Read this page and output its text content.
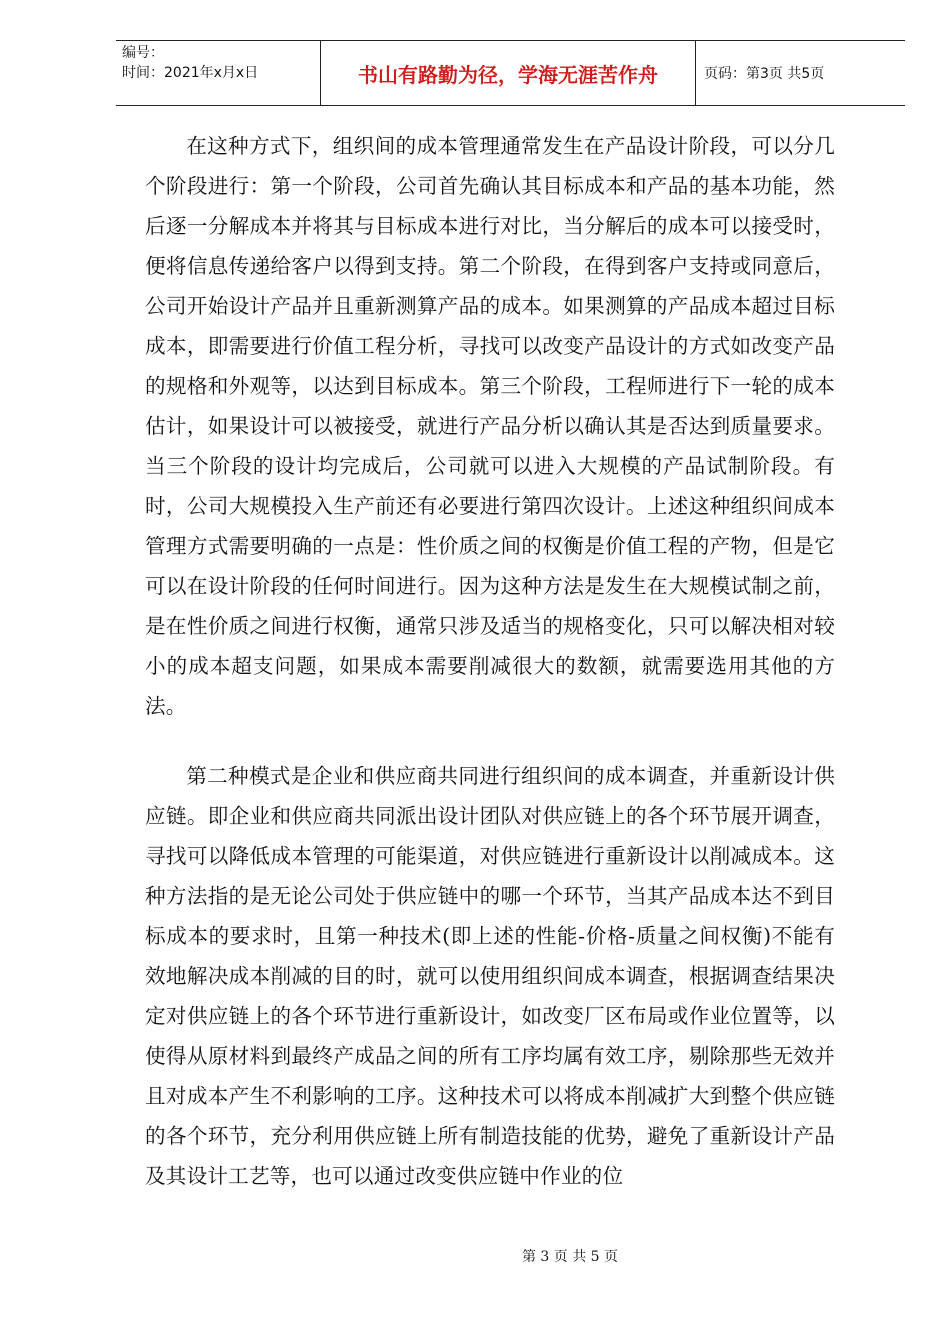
编号：
时间：2021年x月x日	书山有路勤为径，学海无涯苦作舟	页码：第3页 共5页

在这种方式下，组织间的成本管理通常发生在产品设计阶段，可以分几个阶段进行：第一个阶段，公司首先确认其目标成本和产品的基本功能，然后逐一分解成本并将其与目标成本进行对比，当分解后的成本可以接受时，便将信息传递给客户以得到支持。第二个阶段，在得到客户支持或同意后，公司开始设计产品并且重新测算产品的成本。如果测算的产品成本超过目标成本，即需要进行价值工程分析，寻找可以改变产品设计的方式如改变产品的规格和外观等，以达到目标成本。第三个阶段，工程师进行下一轮的成本估计，如果设计可以被接受，就进行产品分析以确认其是否达到质量要求。当三个阶段的设计均完成后，公司就可以进入大规模的产品试制阶段。有时，公司大规模投入生产前还有必要进行第四次设计。上述这种组织间成本管理方式需要明确的一点是：性价质之间的权衡是价值工程的产物，但是它可以在设计阶段的任何时间进行。因为这种方法是发生在大规模试制之前，是在性价质之间进行权衡，通常只涉及适当的规格变化，只可以解决相对较小的成本超支问题，如果成本需要削减很大的数额，就需要选用其他的方法。

第二种模式是企业和供应商共同进行组织间的成本调查，并重新设计供应链。即企业和供应商共同派出设计团队对供应链上的各个环节展开调查，寻找可以降低成本管理的可能渠道，对供应链进行重新设计以削减成本。这种方法指的是无论公司处于供应链中的哪一个环节，当其产品成本达不到目标成本的要求时，且第一种技术(即上述的性能-价格-质量之间权衡)不能有效地解决成本削减的目的时，就可以使用组织间成本调查，根据调查结果决定对供应链上的各个环节进行重新设计，如改变厂区布局或作业位置等，以使得从原材料到最终产成品之间的所有工序均属有效工序，剔除那些无效并且对成本产生不利影响的工序。这种技术可以将成本削减扩大到整个供应链的各个环节，充分利用供应链上所有制造技能的优势，避免了重新设计产品及其设计工艺等，也可以通过改变供应链中作业的位

第 3 页 共 5 页
